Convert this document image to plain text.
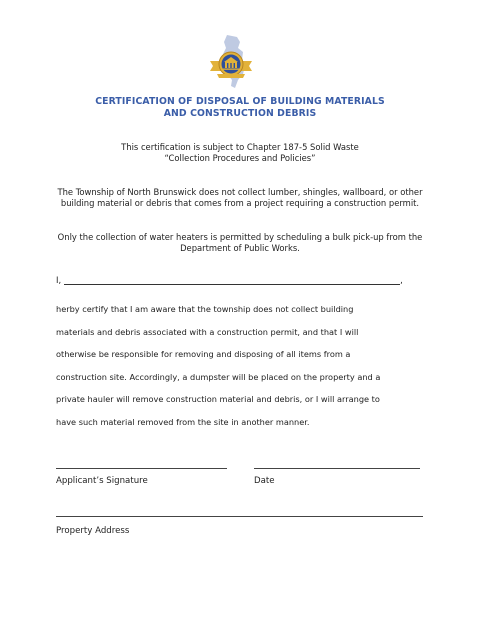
CERTIFICATION OF DISPOSAL OF BUILDING MATERIALS
AND CONSTRUCTION DEBRIS
This certification is subject to Chapter 187-5 Solid Waste
“Collection Procedures and Policies”
The Township of North Brunswick does not collect lumber, shingles, wallboard, or other building material or debris that comes from a project requiring a construction permit.
Only the collection of water heaters is permitted by scheduling a bulk pick-up from the Department of Public Works.
I,	,
herby certify that I am aware that the township does not collect building
materials and debris associated with a construction permit, and that I will
otherwise be responsible for removing and disposing of all items from a
construction site. Accordingly, a dumpster will be placed on the property and a
private hauler will remove construction material and debris, or I will arrange to
have such material removed from the site in another manner.
Applicant’s Signature	Date
Property Address
